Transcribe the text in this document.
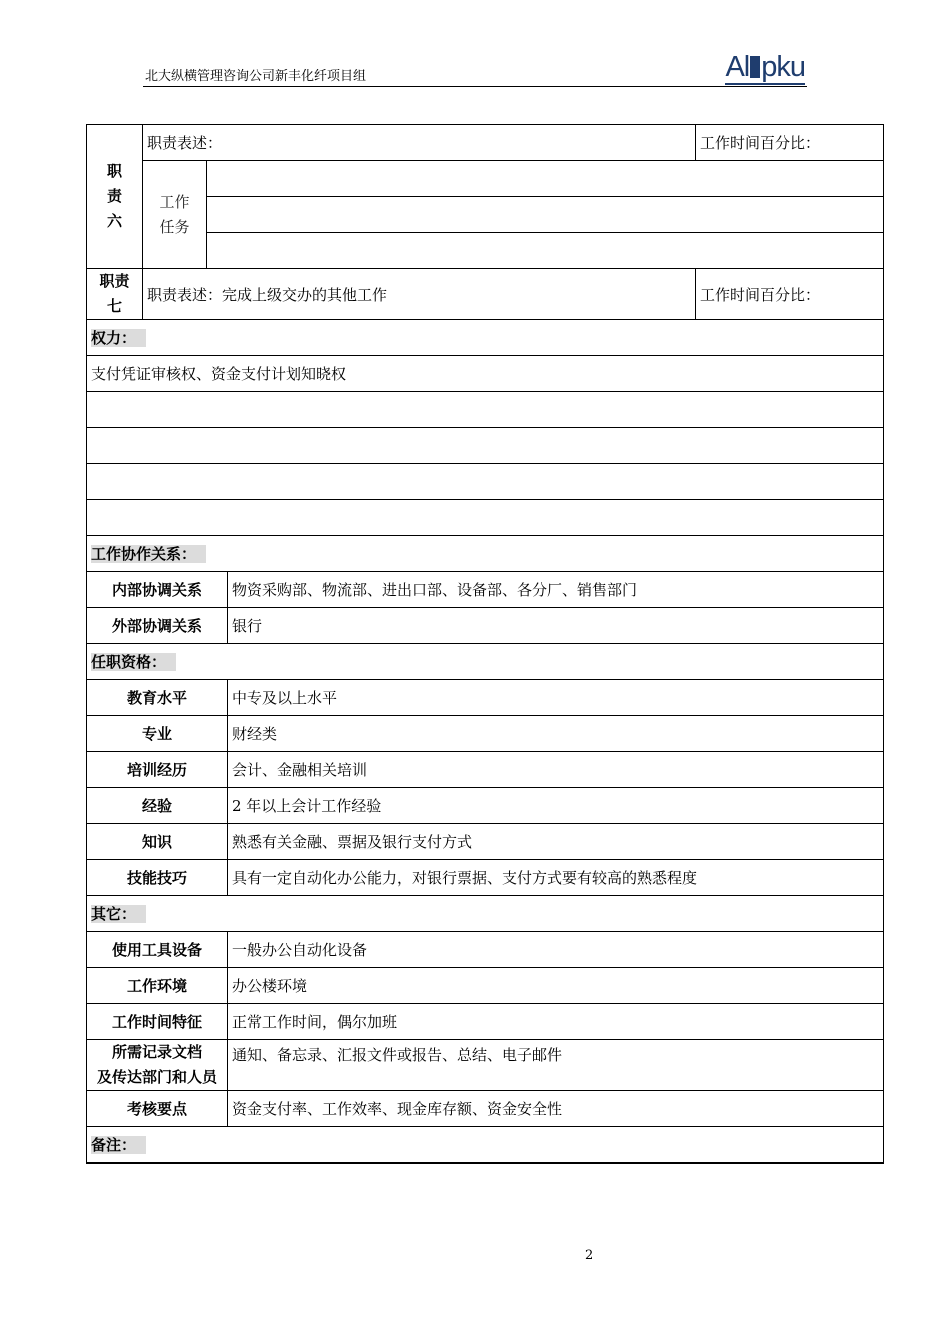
北大纵横管理咨询公司新丰化纤项目组	Al pku
职
责
六	职责表述：			工作时间百分比：
	工作
任务			

职责
七	职责表述：完成上级交办的其他工作			工作时间百分比：
权力：				
支付凭证审核权、资金支付计划知晓权				

工作协作关系：				
内部协调关系			物资采购部、物流部、进出口部、设备部、各分厂、销售部门	
外部协调关系			银行	
任职资格：				
教育水平			中专及以上水平	
专业			财经类	
培训经历			会计、金融相关培训	
经验			2 年以上会计工作经验	
知识			熟悉有关金融、票据及银行支付方式	
技能技巧			具有一定自动化办公能力，对银行票据、支付方式要有较高的熟悉程度	
其它：				
使用工具设备			一般办公自动化设备	
工作环境			办公楼环境	
工作时间特征			正常工作时间，偶尔加班	
所需记录文档
及传达部门和人员			通知、备忘录、汇报文件或报告、总结、电子邮件	
考核要点			资金支付率、工作效率、现金库存额、资金安全性	
备注：				
2
